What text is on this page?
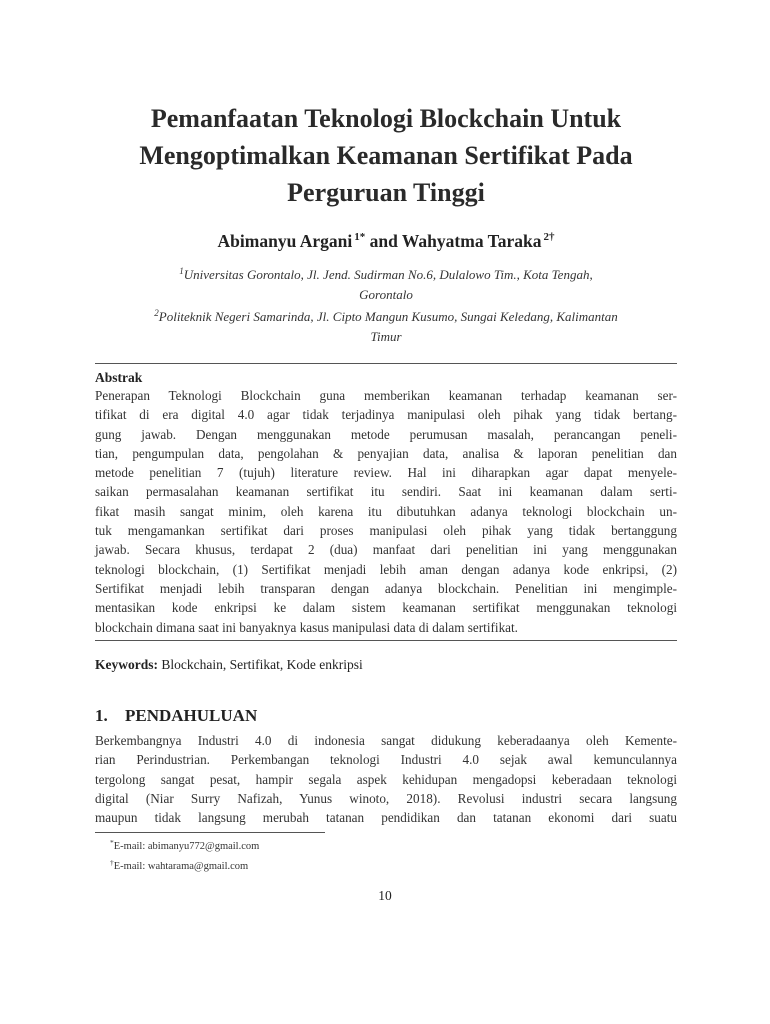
Pemanfaatan Teknologi Blockchain Untuk
Mengoptimalkan Keamanan Sertifikat Pada
Perguruan Tinggi
Abimanyu Argani $^{1*}$ and Wahyatma Taraka $^{2\dagger}$
$^1$Universitas Gorontalo, Jl. Jend. Sudirman No.6, Dulalowo Tim., Kota Tengah,
Gorontalo
$^2$Politeknik Negeri Samarinda, Jl. Cipto Mangun Kusumo, Sungai Keledang, Kalimantan
Timur
Abstrak
Penerapan Teknologi Blockchain guna memberikan keamanan terhadap keamanan ser-
tifikat di era digital 4.0 agar tidak terjadinya manipulasi oleh pihak yang tidak bertang-
gung jawab. Dengan menggunakan metode perumusan masalah, perancangan peneli-
tian, pengumpulan data, pengolahan & penyajian data, analisa & laporan penelitian dan
metode penelitian 7 (tujuh) literature review. Hal ini diharapkan agar dapat menyele-
saikan permasalahan keamanan sertifikat itu sendiri. Saat ini keamanan dalam serti-
fikat masih sangat minim, oleh karena itu dibutuhkan adanya teknologi blockchain un-
tuk mengamankan sertifikat dari proses manipulasi oleh pihak yang tidak bertanggung
jawab. Secara khusus, terdapat 2 (dua) manfaat dari penelitian ini yang menggunakan
teknologi blockchain, (1) Sertifikat menjadi lebih aman dengan adanya kode enkripsi, (2)
Sertifikat menjadi lebih transparan dengan adanya blockchain. Penelitian ini mengimple-
mentasikan kode enkripsi ke dalam sistem keamanan sertifikat menggunakan teknologi
blockchain dimana saat ini banyaknya kasus manipulasi data di dalam sertifikat.
Keywords: Blockchain, Sertifikat, Kode enkripsi
1. PENDAHULUAN
Berkembangnya Industri 4.0 di indonesia sangat didukung keberadaanya oleh Kemente-
rian Perindustrian. Perkembangan teknologi Industri 4.0 sejak awal kemunculannya
tergolong sangat pesat, hampir segala aspek kehidupan mengadopsi keberadaan teknologi
digital (Niar Surry Nafizah, Yunus winoto, 2018). Revolusi industri secara langsung
maupun tidak langsung merubah tatanan pendidikan dan tatanan ekonomi dari suatu
*E-mail: abimanyu772@gmail.com
†E-mail: wahtarama@gmail.com
10
